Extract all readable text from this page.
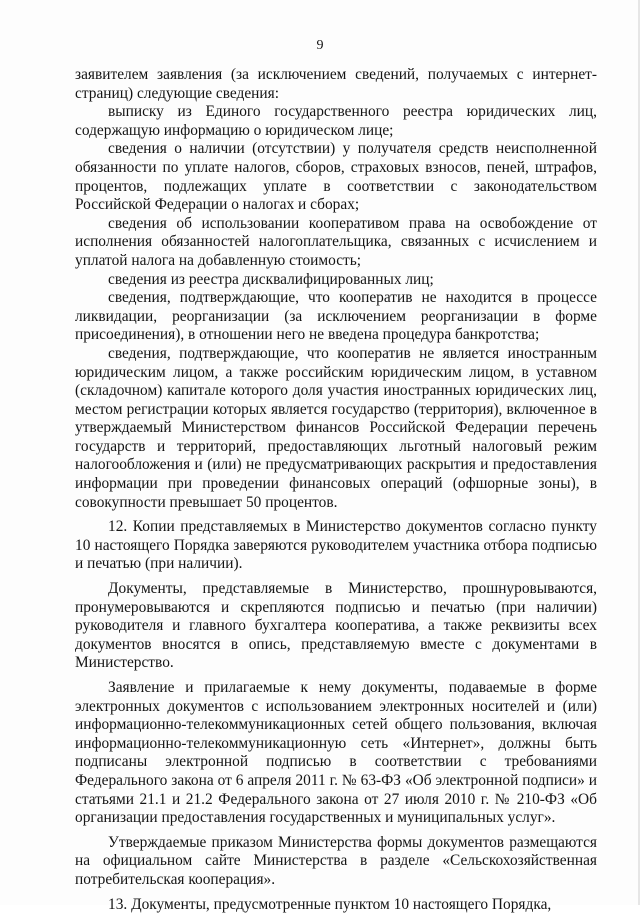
9

заявителем заявления (за исключением сведений, получаемых с интернет-страниц) следующие сведения:

выписку из Единого государственного реестра юридических лиц, содержащую информацию о юридическом лице;

сведения о наличии (отсутствии) у получателя средств неисполненной обязанности по уплате налогов, сборов, страховых взносов, пеней, штрафов, процентов, подлежащих уплате в соответствии с законодательством Российской Федерации о налогах и сборах;

сведения об использовании кооперативом права на освобождение от исполнения обязанностей налогоплательщика, связанных с исчислением и уплатой налога на добавленную стоимость;

сведения из реестра дисквалифицированных лиц;

сведения, подтверждающие, что кооператив не находится в процессе ликвидации, реорганизации (за исключением реорганизации в форме присоединения), в отношении него не введена процедура банкротства;

сведения, подтверждающие, что кооператив не является иностранным юридическим лицом, а также российским юридическим лицом, в уставном (складочном) капитале которого доля участия иностранных юридических лиц, местом регистрации которых является государство (территория), включенное в утверждаемый Министерством финансов Российской Федерации перечень государств и территорий, предоставляющих льготный налоговый режим налогообложения и (или) не предусматривающих раскрытия и предоставления информации при проведении финансовых операций (офшорные зоны), в совокупности превышает 50 процентов.

12. Копии представляемых в Министерство документов согласно пункту 10 настоящего Порядка заверяются руководителем участника отбора подписью и печатью (при наличии).

Документы, представляемые в Министерство, прошнуровываются, пронумеровываются и скрепляются подписью и печатью (при наличии) руководителя и главного бухгалтера кооператива, а также реквизиты всех документов вносятся в опись, представляемую вместе с документами в Министерство.

Заявление и прилагаемые к нему документы, подаваемые в форме электронных документов с использованием электронных носителей и (или) информационно-телекоммуникационных сетей общего пользования, включая информационно-телекоммуникационную сеть «Интернет», должны быть подписаны электронной подписью в соответствии с требованиями Федерального закона от 6 апреля 2011 г. № 63-ФЗ «Об электронной подписи» и статьями 21.1 и 21.2 Федерального закона от 27 июля 2010 г. № 210-ФЗ «Об организации предоставления государственных и муниципальных услуг».

Утверждаемые приказом Министерства формы документов размещаются на официальном сайте Министерства в разделе «Сельскохозяйственная потребительская кооперация».

13. Документы, предусмотренные пунктом 10 настоящего Порядка,
